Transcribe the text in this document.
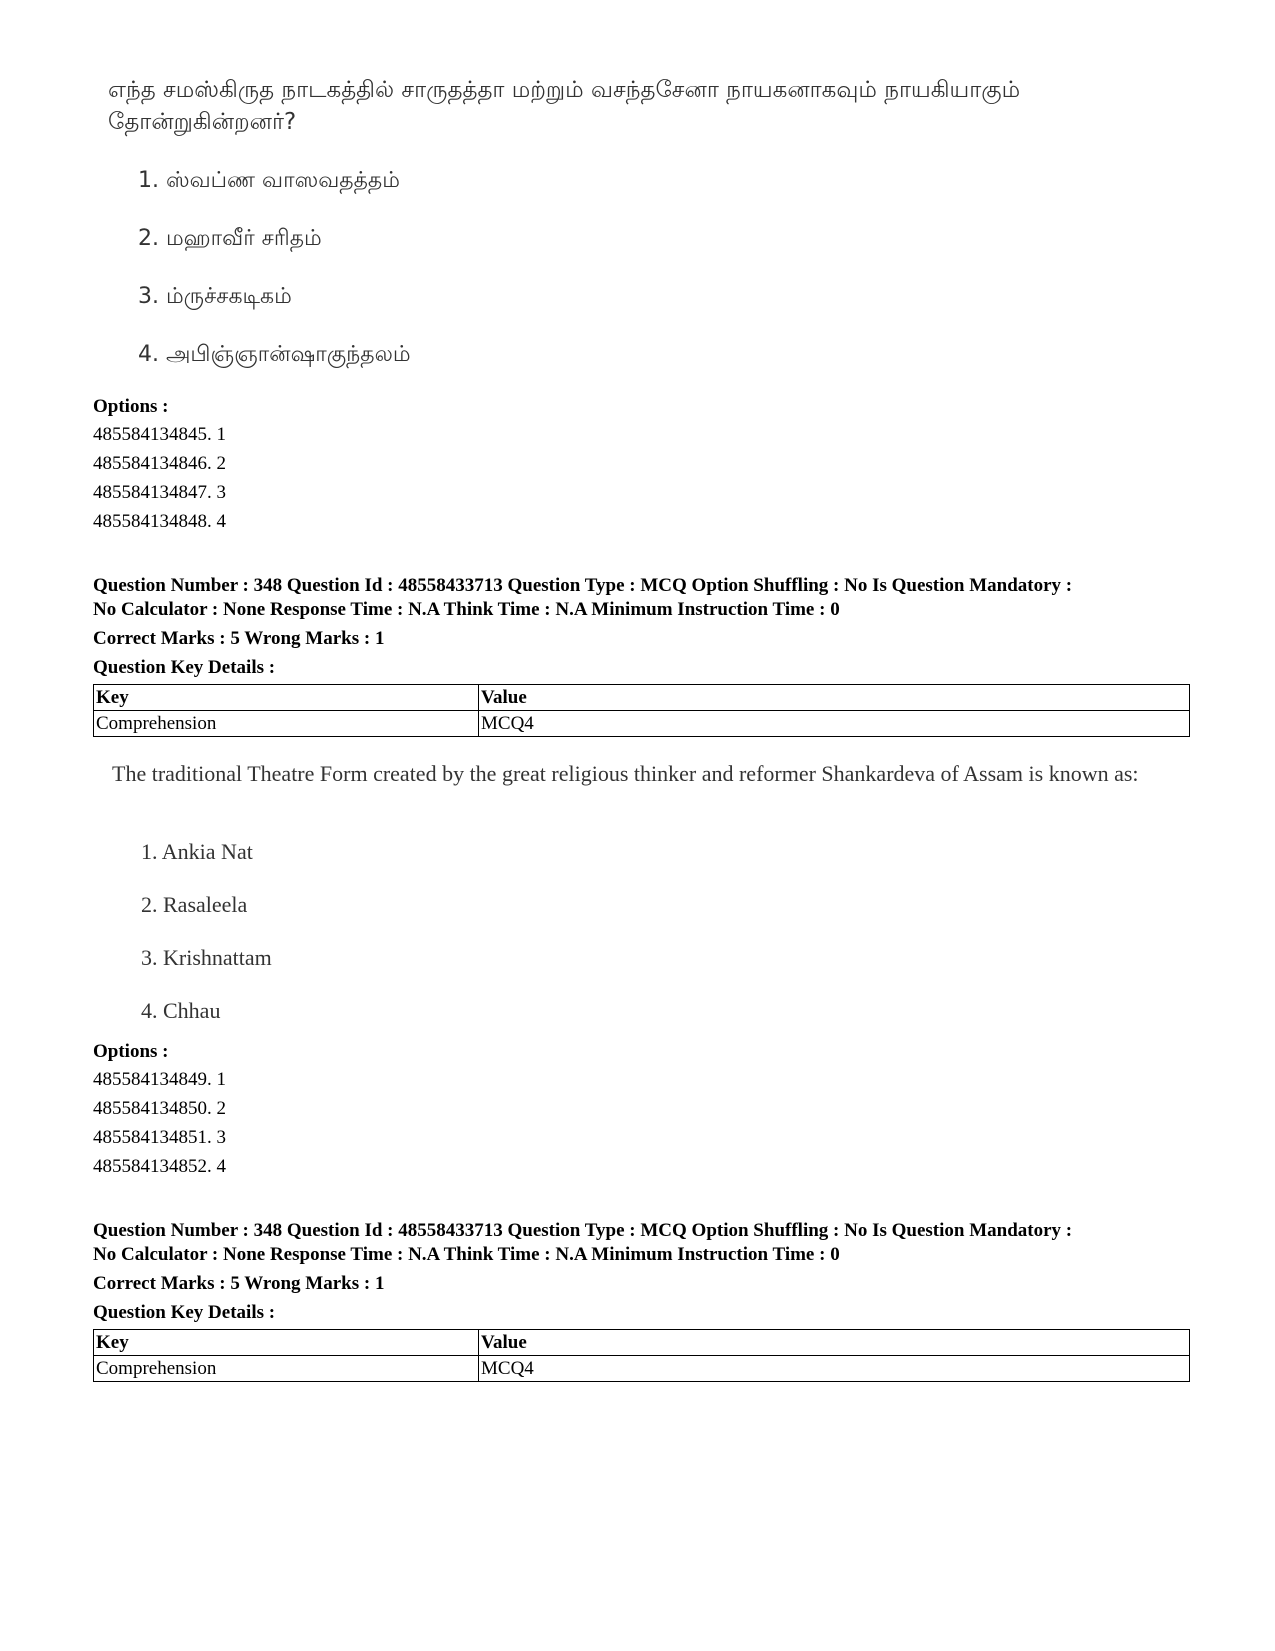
எந்த சமஸ்கிருத நாடகத்தில் சாருதத்தா மற்றும் வசந்தசேனா நாயகனாகவும் நாயகியாகும் தோன்றுகின்றனர்?
1. ஸ்வப்ண வாஸவதத்தம்
2. மஹாவீர் சரிதம்
3. ம்ருச்சகடிகம்
4. அபிஞ்ஞான்ஷாகுந்தலம்
Options :
485584134845. 1
485584134846. 2
485584134847. 3
485584134848. 4
Question Number : 348 Question Id : 48558433713 Question Type : MCQ Option Shuffling : No Is Question Mandatory :
No Calculator : None Response Time : N.A Think Time : N.A Minimum Instruction Time : 0
Correct Marks : 5 Wrong Marks : 1
Question Key Details :
Key	Value
Comprehension	MCQ4
The traditional Theatre Form created by the great religious thinker and reformer Shankardeva of Assam is known as:
1. Ankia Nat
2. Rasaleela
3. Krishnattam
4. Chhau
Options :
485584134849. 1
485584134850. 2
485584134851. 3
485584134852. 4
Question Number : 348 Question Id : 48558433713 Question Type : MCQ Option Shuffling : No Is Question Mandatory :
No Calculator : None Response Time : N.A Think Time : N.A Minimum Instruction Time : 0
Correct Marks : 5 Wrong Marks : 1
Question Key Details :
Key	Value
Comprehension	MCQ4
